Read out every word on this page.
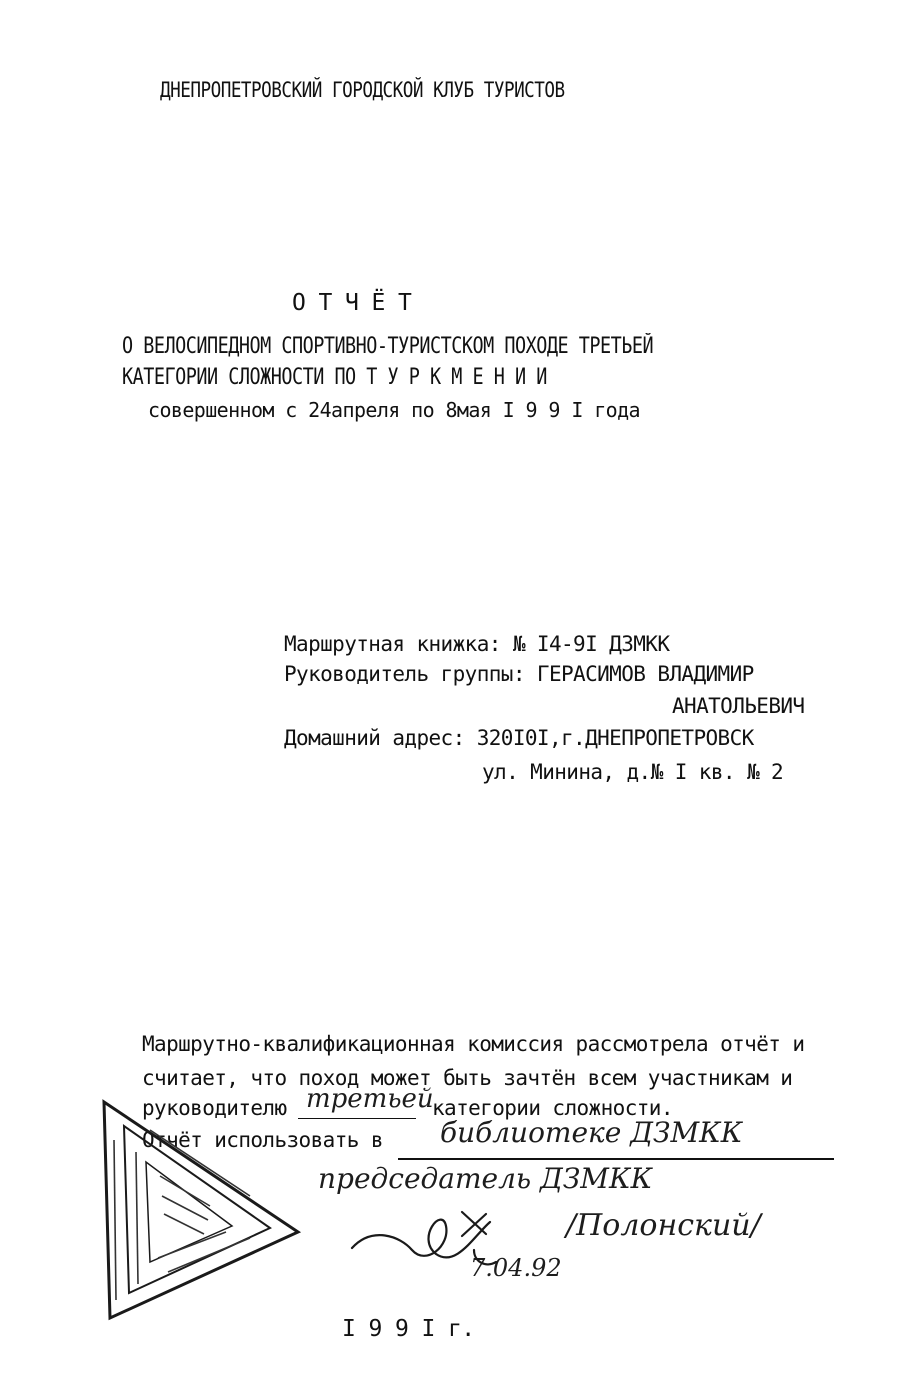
ДНЕПРОПЕТРОВСКИЙ ГОРОДСКОЙ КЛУБ ТУРИСТОВ
О Т Ч Ё Т
О ВЕЛОСИПЕДНОМ СПОРТИВНО-ТУРИСТСКОМ ПОХОДЕ ТРЕТЬЕЙ
КАТЕГОРИИ СЛОЖНОСТИ ПО Т У Р К М Е Н И И
совершенном с 24апреля по 8мая I 9 9 I года
Маршрутная книжка: № I4-9I ДЗМКК
Руководитель группы: ГЕРАСИМОВ ВЛАДИМИР
АНАТОЛЬЕВИЧ
Домашний адрес: 320I0I,г.ДНЕПРОПЕТРОВСК
ул. Минина, д.№ I кв. № 2
Маршрутно-квалификационная комиссия рассмотрела отчёт и
считает, что поход может быть зачтён всем участникам и
руководителю третьей
категории сложности.
Отчёт использовать в библиотеке ДЗМКК
председатель ДЗМКК
/Полонский/
7.04.92
I 9 9 I г.
